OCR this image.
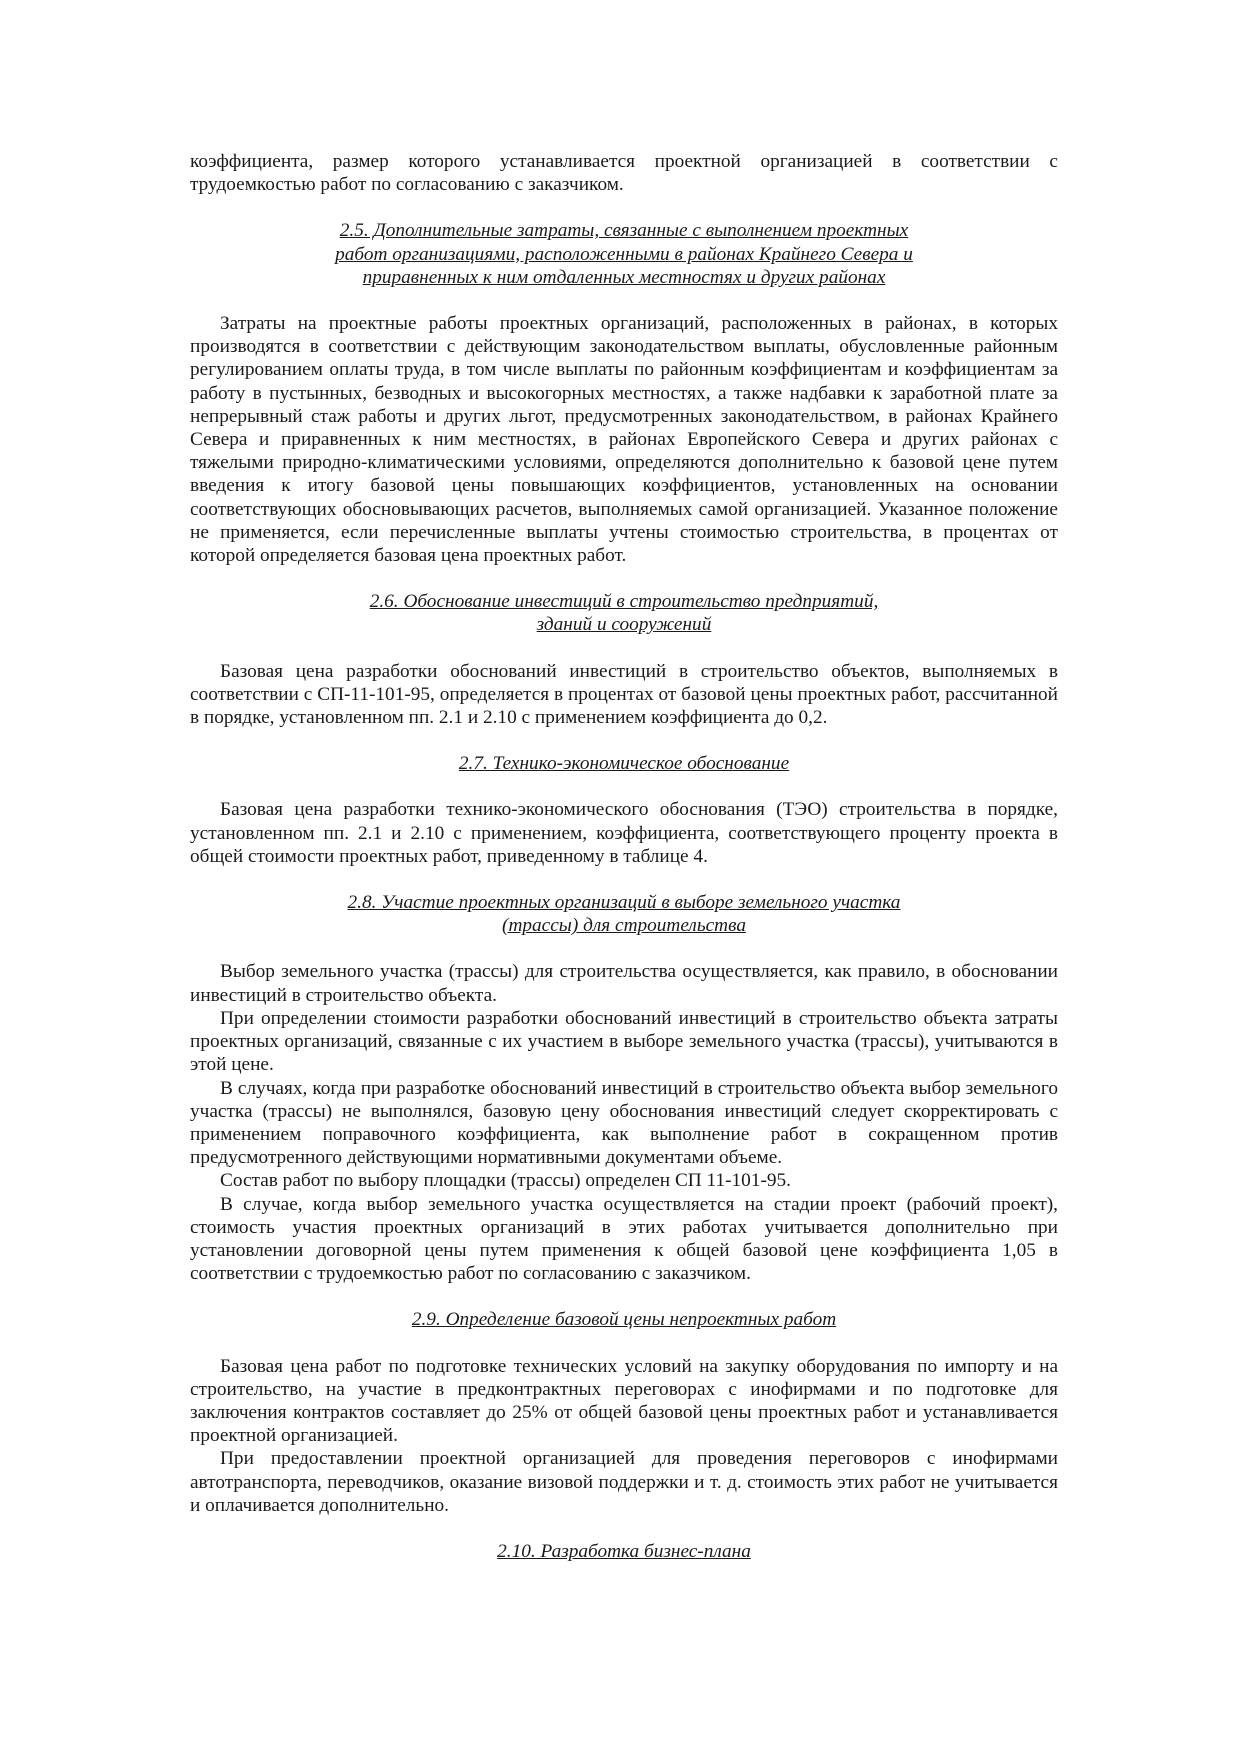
коэффициента, размер которого устанавливается проектной организацией в соответствии с трудоемкостью работ по согласованию с заказчиком.

2.5. Дополнительные затраты, связанные с выполнением проектных
работ организациями, расположенными в районах Крайнего Севера и
приравненных к ним отдаленных местностях и других районах

Затраты на проектные работы проектных организаций, расположенных в районах, в которых производятся в соответствии с действующим законодательством выплаты, обусловленные районным регулированием оплаты труда, в том числе выплаты по районным коэффициентам и коэффициентам за работу в пустынных, безводных и высокогорных местностях, а также надбавки к заработной плате за непрерывный стаж работы и других льгот, предусмотренных законодательством, в районах Крайнего Севера и приравненных к ним местностях, в районах Европейского Севера и других районах с тяжелыми природно-климатическими условиями, определяются дополнительно к базовой цене путем введения к итогу базовой цены повышающих коэффициентов, установленных на основании соответствующих обосновывающих расчетов, выполняемых самой организацией. Указанное положение не применяется, если перечисленные выплаты учтены стоимостью строительства, в процентах от которой определяется базовая цена проектных работ.

2.6. Обоснование инвестиций в строительство предприятий,
зданий и сооружений

Базовая цена разработки обоснований инвестиций в строительство объектов, выполняемых в соответствии с СП-11-101-95, определяется в процентах от базовой цены проектных работ, рассчитанной в порядке, установленном пп. 2.1 и 2.10 с применением коэффициента до 0,2.

2.7. Технико-экономическое обоснование

Базовая цена разработки технико-экономического обоснования (ТЭО) строительства в порядке, установленном пп. 2.1 и 2.10 с применением, коэффициента, соответствующего проценту проекта в общей стоимости проектных работ, приведенному в таблице 4.

2.8. Участие проектных организаций в выборе земельного участка
(трассы) для строительства

Выбор земельного участка (трассы) для строительства осуществляется, как правило, в обосновании инвестиций в строительство объекта.

При определении стоимости разработки обоснований инвестиций в строительство объекта затраты проектных организаций, связанные с их участием в выборе земельного участка (трассы), учитываются в этой цене.

В случаях, когда при разработке обоснований инвестиций в строительство объекта выбор земельного участка (трассы) не выполнялся, базовую цену обоснования инвестиций следует скорректировать с применением поправочного коэффициента, как выполнение работ в сокращенном против предусмотренного действующими нормативными документами объеме.

Состав работ по выбору площадки (трассы) определен СП 11-101-95.

В случае, когда выбор земельного участка осуществляется на стадии проект (рабочий проект), стоимость участия проектных организаций в этих работах учитывается дополнительно при установлении договорной цены путем применения к общей базовой цене коэффициента 1,05 в соответствии с трудоемкостью работ по согласованию с заказчиком.

2.9. Определение базовой цены непроектных работ

Базовая цена работ по подготовке технических условий на закупку оборудования по импорту и на строительство, на участие в предконтрактных переговорах с инофирмами и по подготовке для заключения контрактов составляет до 25% от общей базовой цены проектных работ и устанавливается проектной организацией.

При предоставлении проектной организацией для проведения переговоров с инофирмами автотранспорта, переводчиков, оказание визовой поддержки и т. д. стоимость этих работ не учитывается и оплачивается дополнительно.

2.10. Разработка бизнес-плана
